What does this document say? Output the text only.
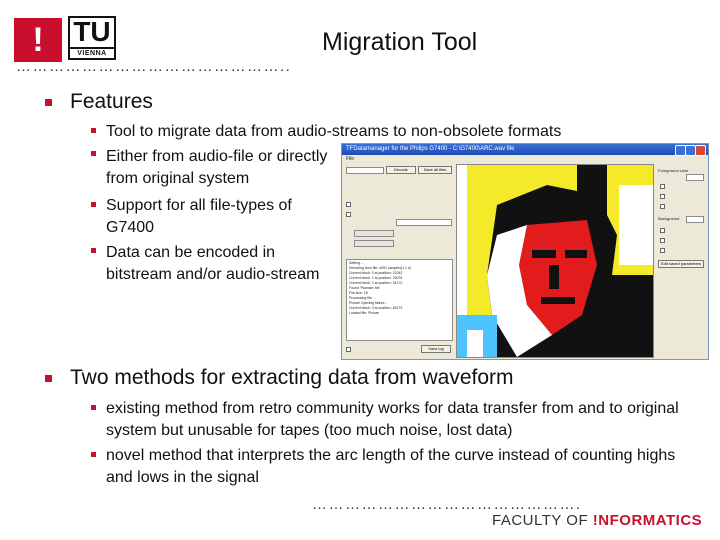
!	TU
VIENNA	Migration Tool
…………………………………………..
Features
Tool to migrate data from audio-streams to non-obsolete formats
Either from audio-file or directly from original system
Support for all file-types of G7400
Data can be encoded in bitstream and/or audio-stream
TFDatamanager for the Philips G7400 - C:\G7400\ARC.wav file
File
Decode	Save all files
Setting ...
Decoding from file: 4091 samples(1.1 s)
Current block: 0 at position: 12042
Current block: 1 at position: 23076
Current block: 2 at position: 34170
Found 'Pacman' file
File size: 18
Processing file ...
Picture Opening failure...
Current block: 3 at position: 45179
Loaded file: Picture
Save log
Foreground color
Background
Edit saved parameters
Two methods for extracting data from waveform
existing method from retro community works for data transfer from and to original system but unusable for tapes (too much noise, lost data)
novel method that interprets the arc length of the curve instead of counting highs and lows in the signal
………………………………………….
FACULTY OF !NFORMATICS
